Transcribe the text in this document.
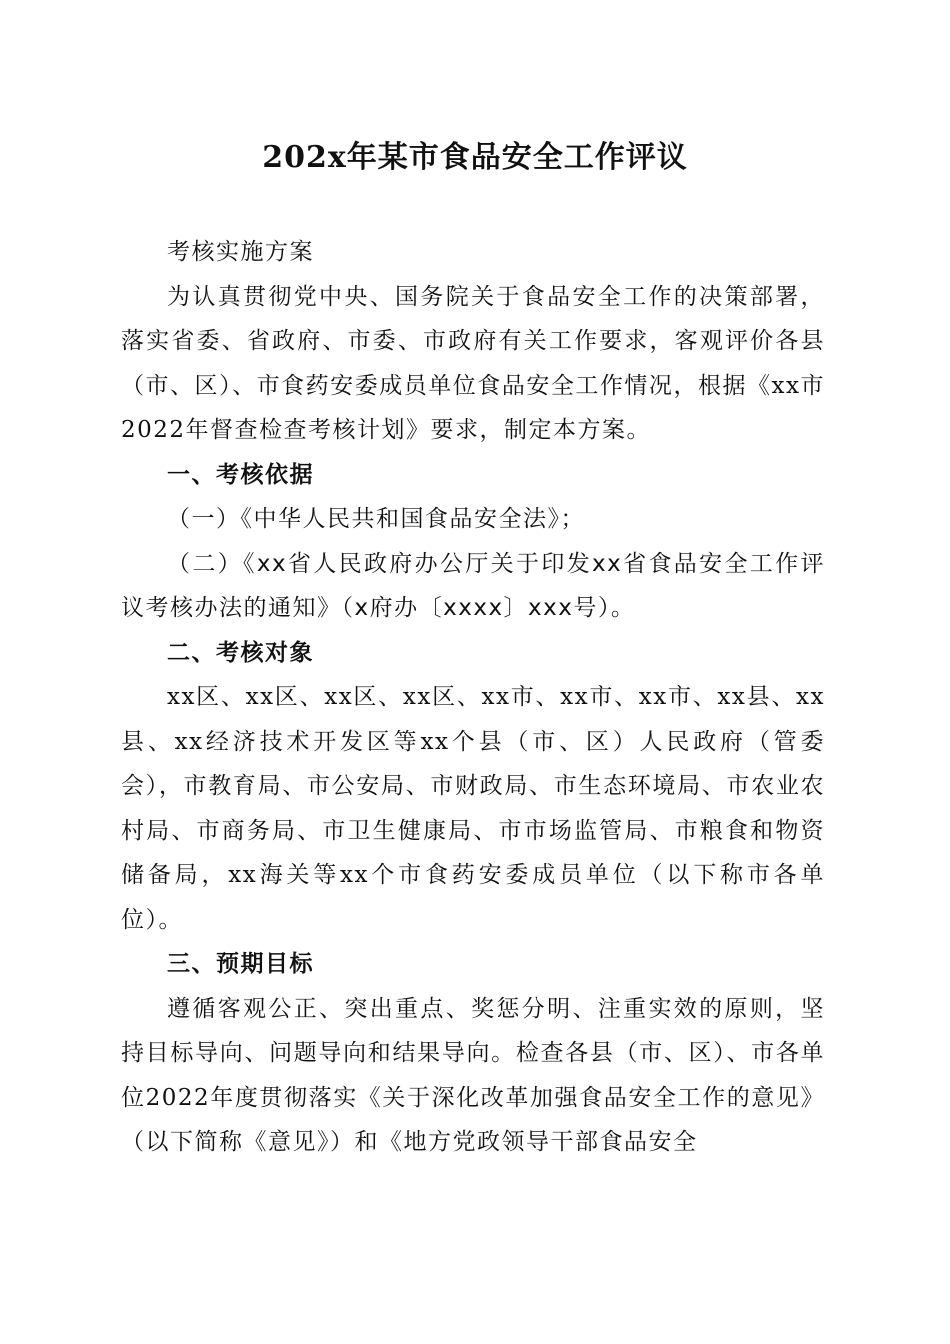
202x年某市食品安全工作评议

考核实施方案

为认真贯彻党中央、国务院关于食品安全工作的决策部署，落实省委、省政府、市委、市政府有关工作要求，客观评价各县（市、区）、市食药安委成员单位食品安全工作情况，根据《xx市2022年督查检查考核计划》要求，制定本方案。

一、考核依据

（一）《中华人民共和国食品安全法》；

（二）《xx省人民政府办公厅关于印发xx省食品安全工作评议考核办法的通知》（x府办〔xxxx〕xxx号）。

二、考核对象

xx区、xx区、xx区、xx区、xx市、xx市、xx市、xx县、xx县、xx经济技术开发区等xx个县（市、区）人民政府（管委会），市教育局、市公安局、市财政局、市生态环境局、市农业农村局、市商务局、市卫生健康局、市市场监管局、市粮食和物资储备局，xx海关等xx个市食药安委成员单位（以下称市各单位）。

三、预期目标

遵循客观公正、突出重点、奖惩分明、注重实效的原则，坚持目标导向、问题导向和结果导向。检查各县（市、区）、市各单位2022年度贯彻落实《关于深化改革加强食品安全工作的意见》（以下简称《意见》）和《地方党政领导干部食品安全
